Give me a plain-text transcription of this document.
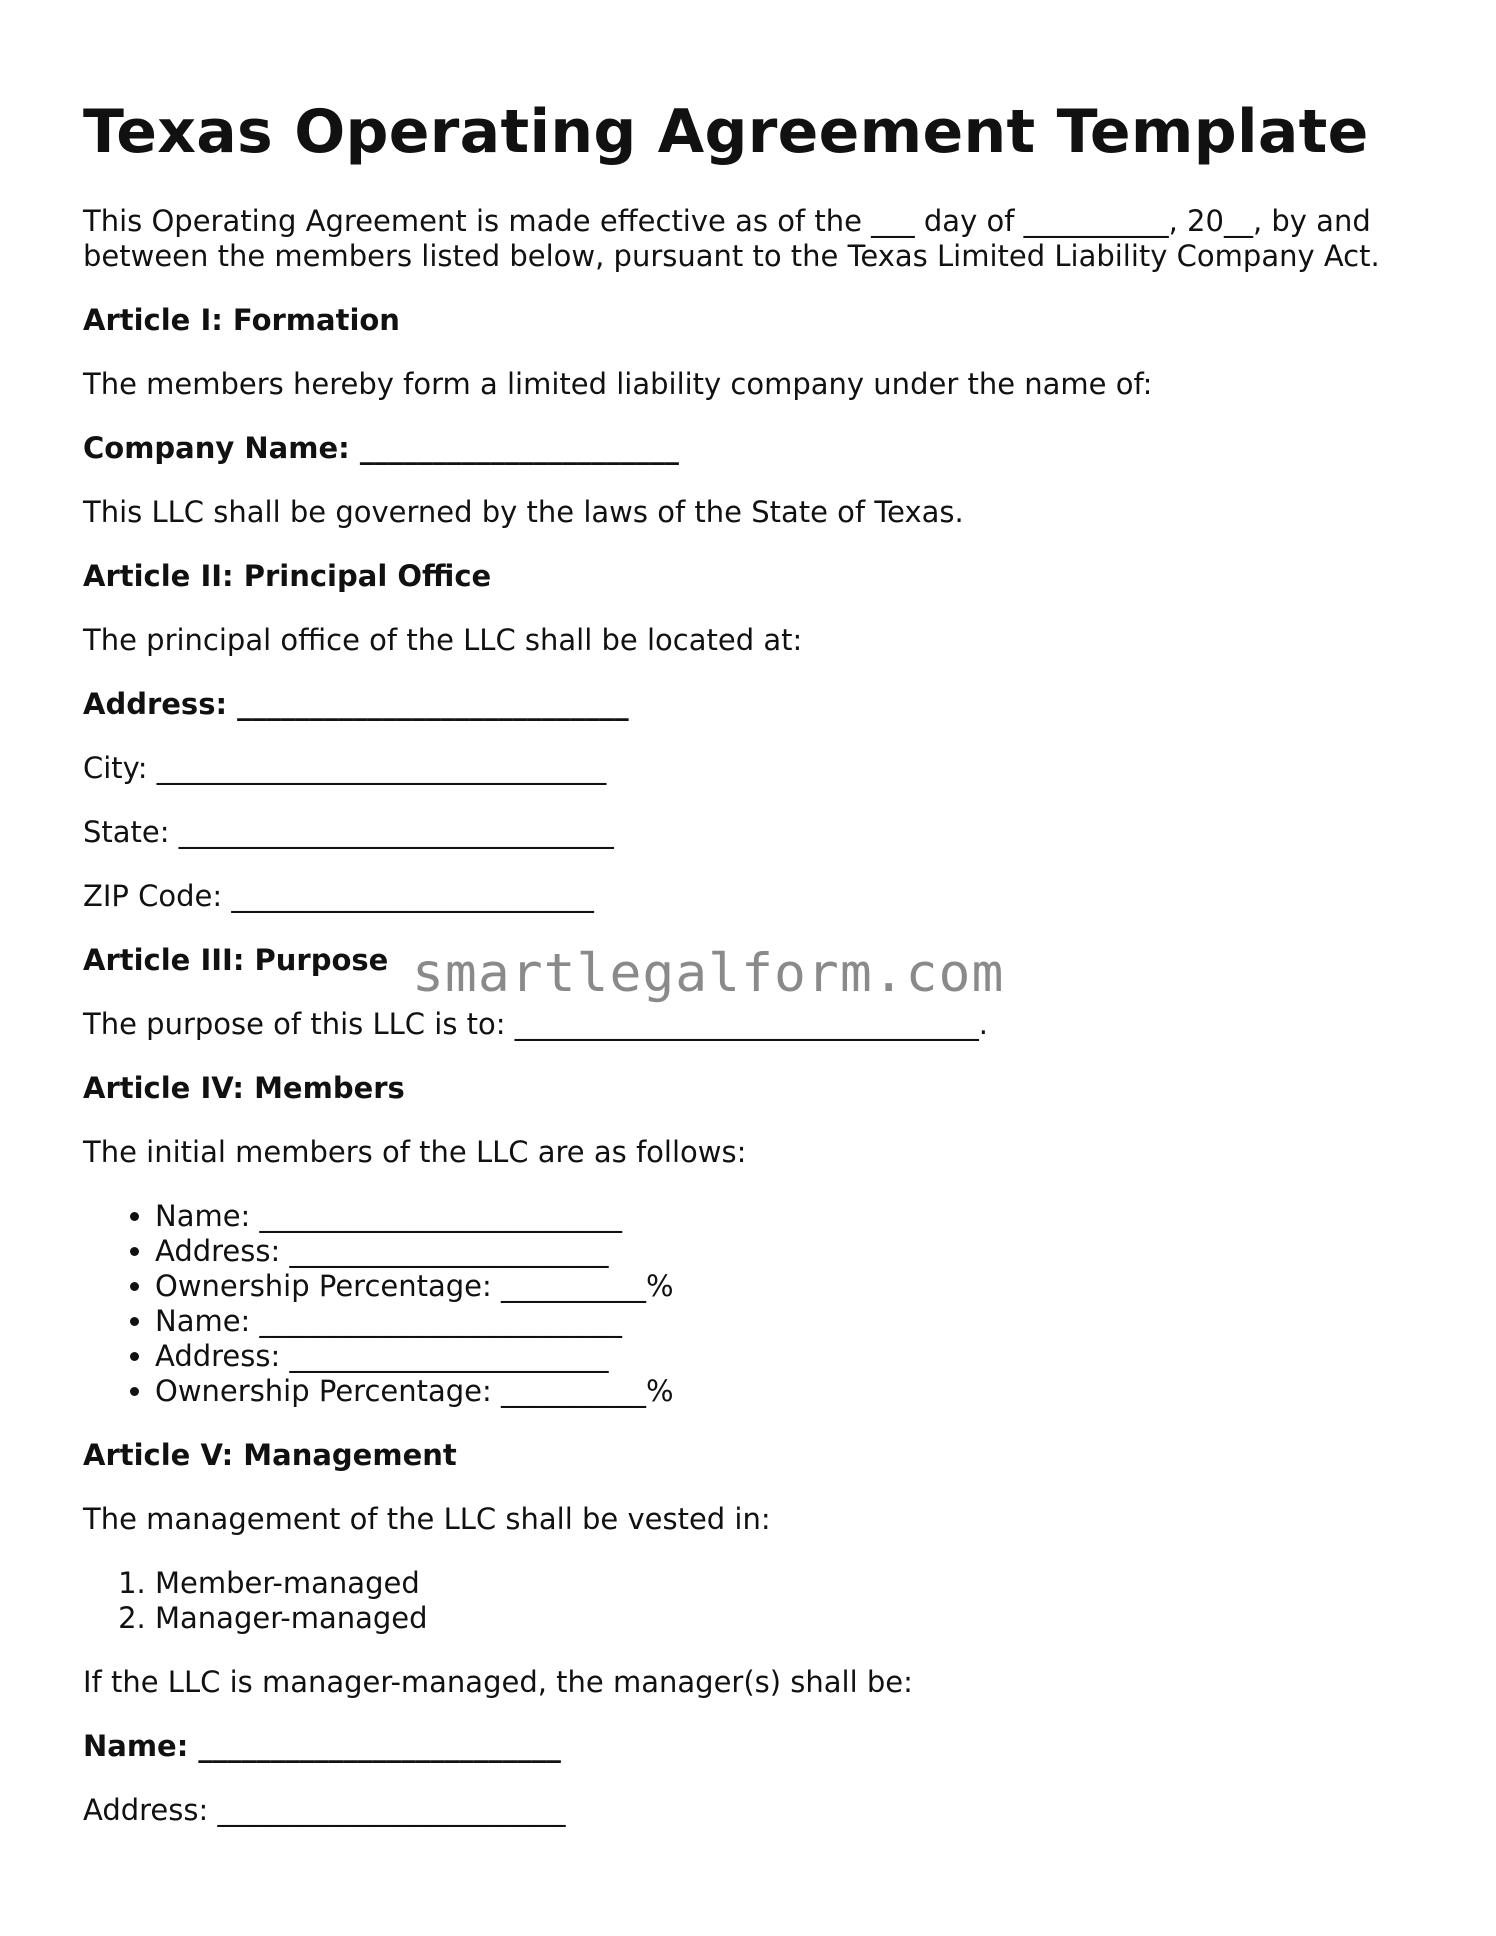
Texas Operating Agreement Template

This Operating Agreement is made effective as of the ___ day of __________, 20__, by and between the members listed below, pursuant to the Texas Limited Liability Company Act.

Article I: Formation

The members hereby form a limited liability company under the name of:

Company Name: ______________________

This LLC shall be governed by the laws of the State of Texas.

Article II: Principal Office

The principal office of the LLC shall be located at:

Address: ___________________________

City: _______________________________

State: ______________________________

ZIP Code: _________________________

Article III: Purpose

The purpose of this LLC is to: ________________________________.

Article IV: Members

The initial members of the LLC are as follows:

• Name: _________________________
• Address: ______________________
• Ownership Percentage: __________%
• Name: _________________________
• Address: ______________________
• Ownership Percentage: __________%

Article V: Management

The management of the LLC shall be vested in:

1. Member-managed
2. Manager-managed

If the LLC is manager-managed, the manager(s) shall be:

Name: _________________________

Address: ________________________

smartlegalform.com
